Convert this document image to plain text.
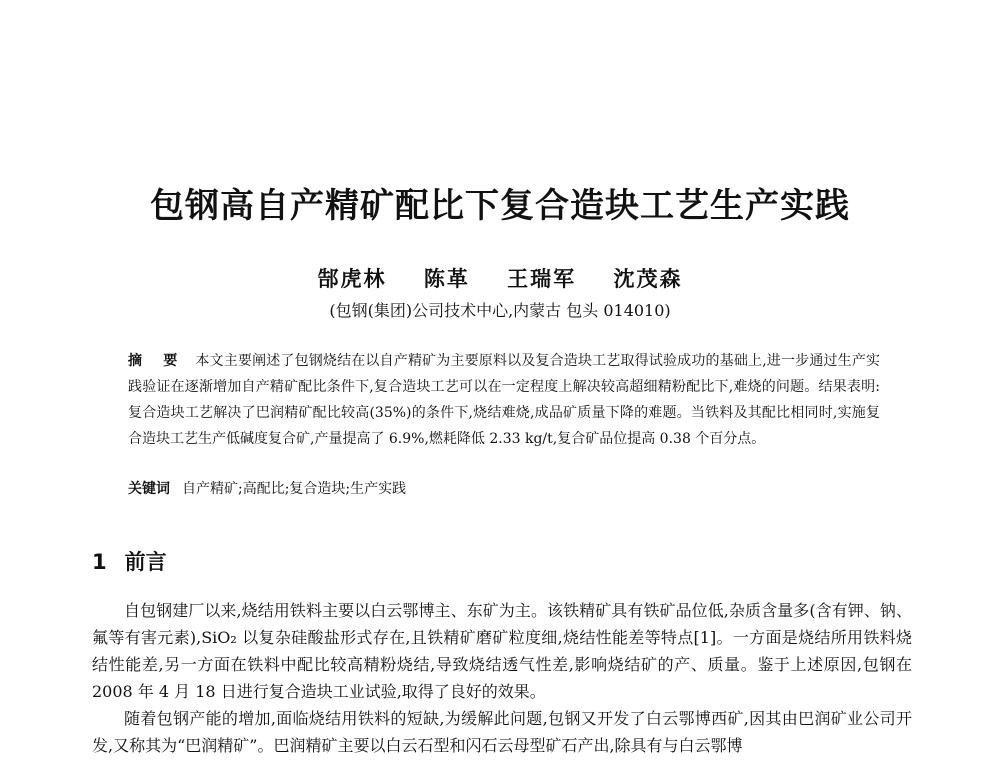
包钢高自产精矿配比下复合造块工艺生产实践
郜虎林 陈革 王瑞军 沈茂森
(包钢(集团)公司技术中心,内蒙古 包头 014010)
摘 要 本文主要阐述了包钢烧结在以自产精矿为主要原料以及复合造块工艺取得试验成功的基础上,进一步通过生产实践验证在逐渐增加自产精矿配比条件下,复合造块工艺可以在一定程度上解决较高超细精粉配比下,难烧的问题。结果表明:复合造块工艺解决了巴润精矿配比较高(35%)的条件下,烧结难烧,成品矿质量下降的难题。当铁料及其配比相同时,实施复合造块工艺生产低碱度复合矿,产量提高了 6.9%,燃耗降低 2.33 kg/t,复合矿品位提高 0.38 个百分点。
关键词 自产精矿;高配比;复合造块;生产实践
1 前言

自包钢建厂以来,烧结用铁料主要以白云鄂博主、东矿为主。该铁精矿具有铁矿品位低,杂质含量多(含有钾、钠、氟等有害元素),SiO₂ 以复杂硅酸盐形式存在,且铁精矿磨矿粒度细,烧结性能差等特点[1]。一方面是烧结所用铁料烧结性能差,另一方面在铁料中配比较高精粉烧结,导致烧结透气性差,影响烧结矿的产、质量。鉴于上述原因,包钢在 2008 年 4 月 18 日进行复合造块工业试验,取得了良好的效果。

随着包钢产能的增加,面临烧结用铁料的短缺,为缓解此问题,包钢又开发了白云鄂博西矿,因其由巴润矿业公司开发,又称其为“巴润精矿”。巴润精矿主要以白云石型和闪石云母型矿石产出,除具有与白云鄂博
